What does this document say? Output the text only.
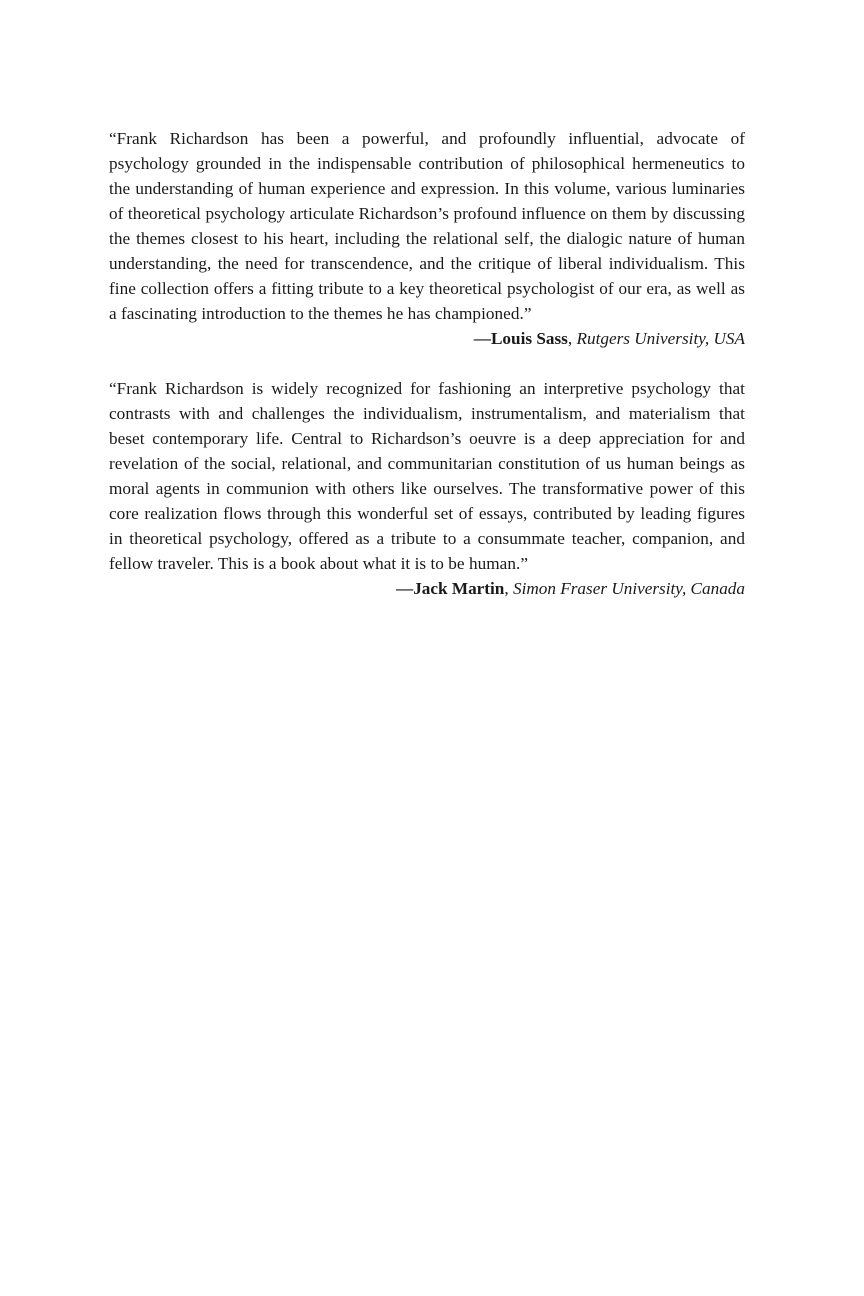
“Frank Richardson has been a powerful, and profoundly influential, advocate of psychology grounded in the indispensable contribution of philosophical hermeneutics to the understanding of human experience and expression. In this volume, various luminaries of theoretical psychology articulate Richardson’s profound influence on them by discussing the themes closest to his heart, including the relational self, the dialogic nature of human understanding, the need for transcendence, and the critique of liberal individualism. This fine collection offers a fitting tribute to a key theoretical psychologist of our era, as well as a fascinating introduction to the themes he has championed.”

—Louis Sass, Rutgers University, USA

“Frank Richardson is widely recognized for fashioning an interpretive psychology that contrasts with and challenges the individualism, instrumentalism, and materialism that beset contemporary life. Central to Richardson’s oeuvre is a deep appreciation for and revelation of the social, relational, and communitarian constitution of us human beings as moral agents in communion with others like ourselves. The transformative power of this core realization flows through this wonderful set of essays, contributed by leading figures in theoretical psychology, offered as a tribute to a consummate teacher, companion, and fellow traveler. This is a book about what it is to be human.”

—Jack Martin, Simon Fraser University, Canada
